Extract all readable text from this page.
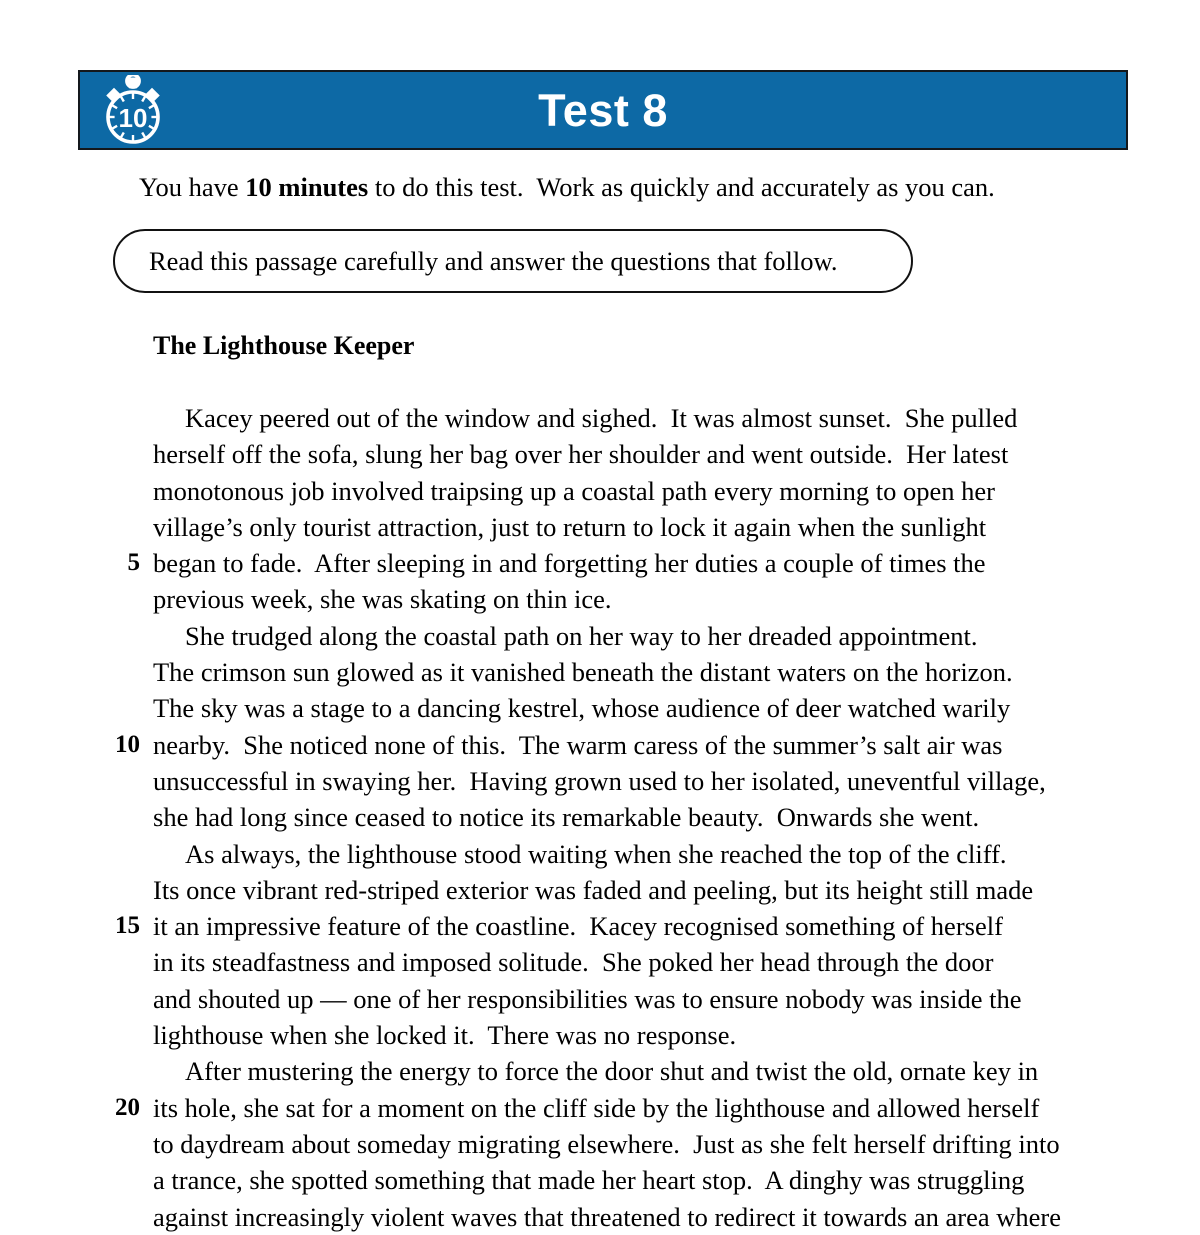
10	Test 8
You have 10 minutes to do this test.  Work as quickly and accurately as you can.
Read this passage carefully and answer the questions that follow.
The Lighthouse Keeper
Kacey peered out of the window and sighed.  It was almost sunset.  She pulled
herself off the sofa, slung her bag over her shoulder and went outside.  Her latest
monotonous job involved traipsing up a coastal path every morning to open her
village’s only tourist attraction, just to return to lock it again when the sunlight
5 began to fade.  After sleeping in and forgetting her duties a couple of times the
previous week, she was skating on thin ice.
She trudged along the coastal path on her way to her dreaded appointment.
The crimson sun glowed as it vanished beneath the distant waters on the horizon.
The sky was a stage to a dancing kestrel, whose audience of deer watched warily
10 nearby.  She noticed none of this.  The warm caress of the summer’s salt air was
unsuccessful in swaying her.  Having grown used to her isolated, uneventful village,
she had long since ceased to notice its remarkable beauty.  Onwards she went.
As always, the lighthouse stood waiting when she reached the top of the cliff.
Its once vibrant red-striped exterior was faded and peeling, but its height still made
15 it an impressive feature of the coastline.  Kacey recognised something of herself
in its steadfastness and imposed solitude.  She poked her head through the door
and shouted up — one of her responsibilities was to ensure nobody was inside the
lighthouse when she locked it.  There was no response.
After mustering the energy to force the door shut and twist the old, ornate key in
20 its hole, she sat for a moment on the cliff side by the lighthouse and allowed herself
to daydream about someday migrating elsewhere.  Just as she felt herself drifting into
a trance, she spotted something that made her heart stop.  A dinghy was struggling
against increasingly violent waves that threatened to redirect it towards an area where
